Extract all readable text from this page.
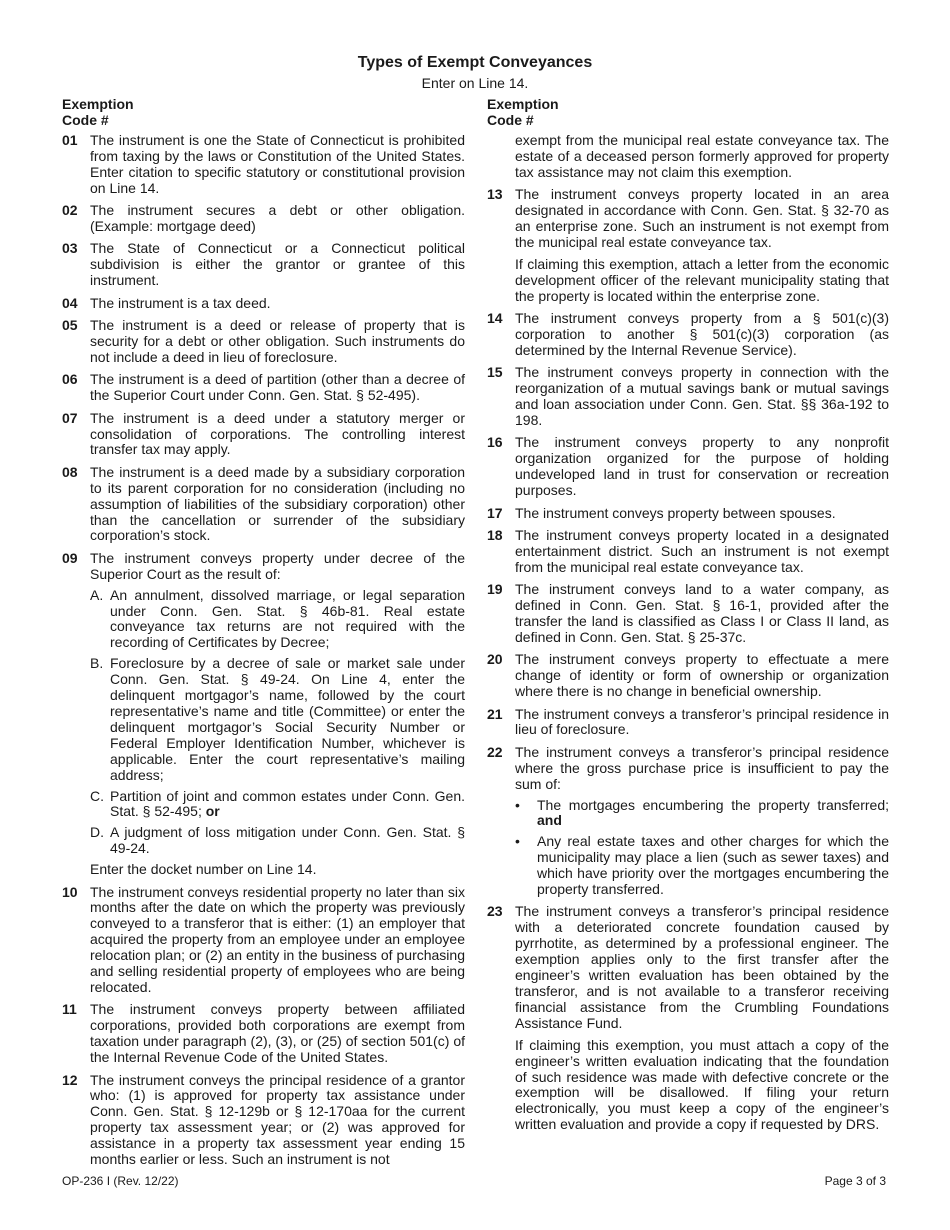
Types of Exempt Conveyances
Enter on Line 14.
Exemption
Code #
01 The instrument is one the State of Connecticut is prohibited from taxing by the laws or Constitution of the United States. Enter citation to specific statutory or constitutional provision on Line 14.
02 The instrument secures a debt or other obligation. (Example: mortgage deed)
03 The State of Connecticut or a Connecticut political subdivision is either the grantor or grantee of this instrument.
04 The instrument is a tax deed.
05 The instrument is a deed or release of property that is security for a debt or other obligation. Such instruments do not include a deed in lieu of foreclosure.
06 The instrument is a deed of partition (other than a decree of the Superior Court under Conn. Gen. Stat. § 52-495).
07 The instrument is a deed under a statutory merger or consolidation of corporations. The controlling interest transfer tax may apply.
08 The instrument is a deed made by a subsidiary corporation to its parent corporation for no consideration (including no assumption of liabilities of the subsidiary corporation) other than the cancellation or surrender of the subsidiary corporation’s stock.
09 The instrument conveys property under decree of the Superior Court as the result of:
A. An annulment, dissolved marriage, or legal separation under Conn. Gen. Stat. § 46b-81. Real estate conveyance tax returns are not required with the recording of Certificates by Decree;
B. Foreclosure by a decree of sale or market sale under Conn. Gen. Stat. § 49-24. On Line 4, enter the delinquent mortgagor’s name, followed by the court representative’s name and title (Committee) or enter the delinquent mortgagor’s Social Security Number or Federal Employer Identification Number, whichever is applicable. Enter the court representative’s mailing address;
C. Partition of joint and common estates under Conn. Gen. Stat. § 52-495; or
D. A judgment of loss mitigation under Conn. Gen. Stat. § 49-24.
Enter the docket number on Line 14.
10 The instrument conveys residential property no later than six months after the date on which the property was previously conveyed to a transferor that is either: (1) an employer that acquired the property from an employee under an employee relocation plan; or (2) an entity in the business of purchasing and selling residential property of employees who are being relocated.
11 The instrument conveys property between affiliated corporations, provided both corporations are exempt from taxation under paragraph (2), (3), or (25) of section 501(c) of the Internal Revenue Code of the United States.
12 The instrument conveys the principal residence of a grantor who: (1) is approved for property tax assistance under Conn. Gen. Stat. § 12-129b or § 12-170aa for the current property tax assessment year; or (2) was approved for assistance in a property tax assessment year ending 15 months earlier or less. Such an instrument is not
Exemption
Code #
exempt from the municipal real estate conveyance tax. The estate of a deceased person formerly approved for property tax assistance may not claim this exemption.
13 The instrument conveys property located in an area designated in accordance with Conn. Gen. Stat. § 32-70 as an enterprise zone. Such an instrument is not exempt from the municipal real estate conveyance tax.

If claiming this exemption, attach a letter from the economic development officer of the relevant municipality stating that the property is located within the enterprise zone.

14 The instrument conveys property from a § 501(c)(3) corporation to another § 501(c)(3) corporation (as determined by the Internal Revenue Service).
15 The instrument conveys property in connection with the reorganization of a mutual savings bank or mutual savings and loan association under Conn. Gen. Stat. §§ 36a-192 to 198.
16 The instrument conveys property to any nonprofit organization organized for the purpose of holding undeveloped land in trust for conservation or recreation purposes.
17 The instrument conveys property between spouses.
18 The instrument conveys property located in a designated entertainment district. Such an instrument is not exempt from the municipal real estate conveyance tax.
19 The instrument conveys land to a water company, as defined in Conn. Gen. Stat. § 16-1, provided after the transfer the land is classified as Class I or Class II land, as defined in Conn. Gen. Stat. § 25-37c.
20 The instrument conveys property to effectuate a mere change of identity or form of ownership or organization where there is no change in beneficial ownership.
21 The instrument conveys a transferor’s principal residence in lieu of foreclosure.
22 The instrument conveys a transferor’s principal residence where the gross purchase price is insufficient to pay the sum of:
•	The mortgages encumbering the property transferred; and
•	Any real estate taxes and other charges for which the municipality may place a lien (such as sewer taxes) and which have priority over the mortgages encumbering the property transferred.
23 The instrument conveys a transferor’s principal residence with a deteriorated concrete foundation caused by pyrrhotite, as determined by a professional engineer. The exemption applies only to the first transfer after the engineer’s written evaluation has been obtained by the transferor, and is not available to a transferor receiving financial assistance from the Crumbling Foundations Assistance Fund.

If claiming this exemption, you must attach a copy of the engineer’s written evaluation indicating that the foundation of such residence was made with defective concrete or the exemption will be disallowed. If filing your return electronically, you must keep a copy of the engineer’s written evaluation and provide a copy if requested by DRS.

OP-236 I (Rev. 12/22)	Page 3 of 3
